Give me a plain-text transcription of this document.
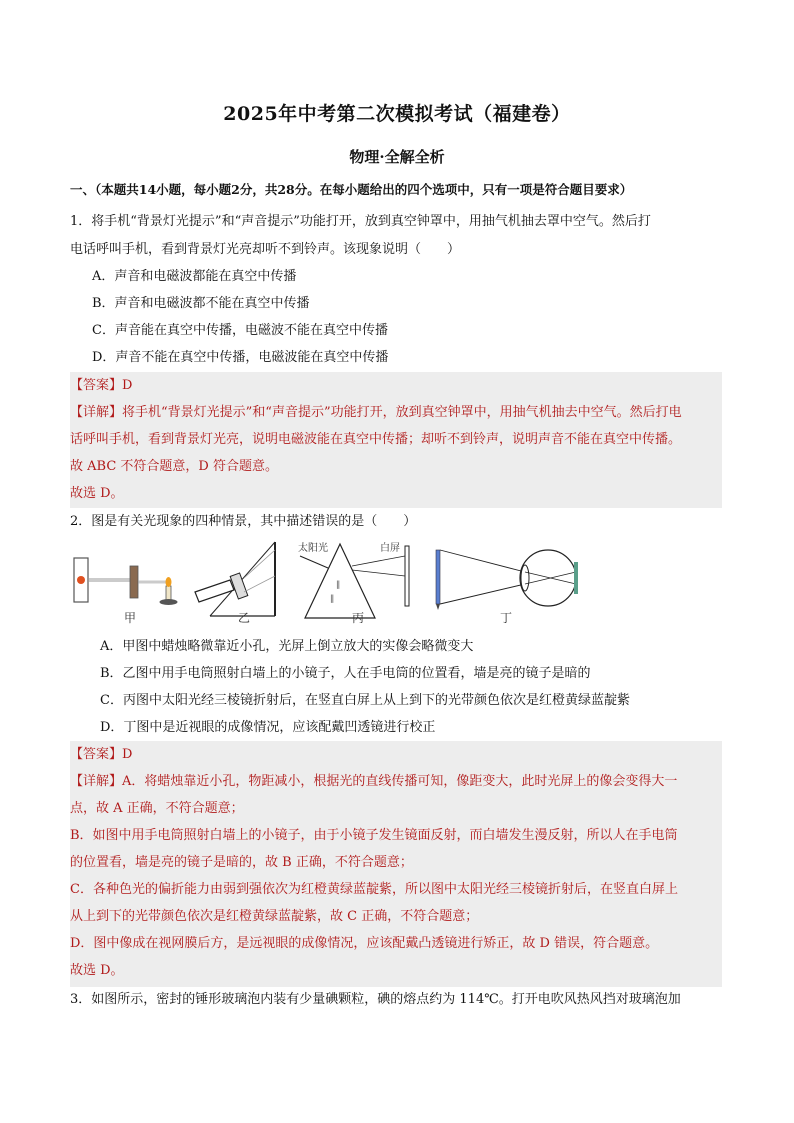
2025年中考第二次模拟考试（福建卷）
物理·全解全析
一、（本题共14小题，每小题2分，共28分。在每小题给出的四个选项中，只有一项是符合题目要求）
1．将手机“背景灯光提示”和“声音提示”功能打开，放到真空钟罩中，用抽气机抽去罩中空气。然后打
电话呼叫手机，看到背景灯光亮却听不到铃声。该现象说明（　　）
A．声音和电磁波都能在真空中传播
B．声音和电磁波都不能在真空中传播
C．声音能在真空中传播，电磁波不能在真空中传播
D．声音不能在真空中传播，电磁波能在真空中传播
【答案】D
【详解】将手机“背景灯光提示”和“声音提示”功能打开，放到真空钟罩中，用抽气机抽去中空气。然后打电
话呼叫手机，看到背景灯光亮，说明电磁波能在真空中传播；却听不到铃声，说明声音不能在真空中传播。
故 ABC 不符合题意，D 符合题意。
故选 D。
2．图是有关光现象的四种情景，其中描述错误的是（　　）
∥
∥
甲	乙	丙	丁
太阳光	白屏
A．甲图中蜡烛略微靠近小孔，光屏上倒立放大的实像会略微变大
B．乙图中用手电筒照射白墙上的小镜子，人在手电筒的位置看，墙是亮的镜子是暗的
C．丙图中太阳光经三棱镜折射后，在竖直白屏上从上到下的光带颜色依次是红橙黄绿蓝靛紫
D．丁图中是近视眼的成像情况，应该配戴凹透镜进行校正
【答案】D
【详解】A．将蜡烛靠近小孔，物距减小，根据光的直线传播可知，像距变大，此时光屏上的像会变得大一
点，故 A 正确，不符合题意；
B．如图中用手电筒照射白墙上的小镜子，由于小镜子发生镜面反射，而白墙发生漫反射，所以人在手电筒
的位置看，墙是亮的镜子是暗的，故 B 正确，不符合题意；
C．各种色光的偏折能力由弱到强依次为红橙黄绿蓝靛紫，所以图中太阳光经三棱镜折射后，在竖直白屏上
从上到下的光带颜色依次是红橙黄绿蓝靛紫，故 C 正确，不符合题意；
D．图中像成在视网膜后方，是远视眼的成像情况，应该配戴凸透镜进行矫正，故 D 错误，符合题意。
故选 D。
3．如图所示，密封的锤形玻璃泡内装有少量碘颗粒，碘的熔点约为 114℃。打开电吹风热风挡对玻璃泡加
